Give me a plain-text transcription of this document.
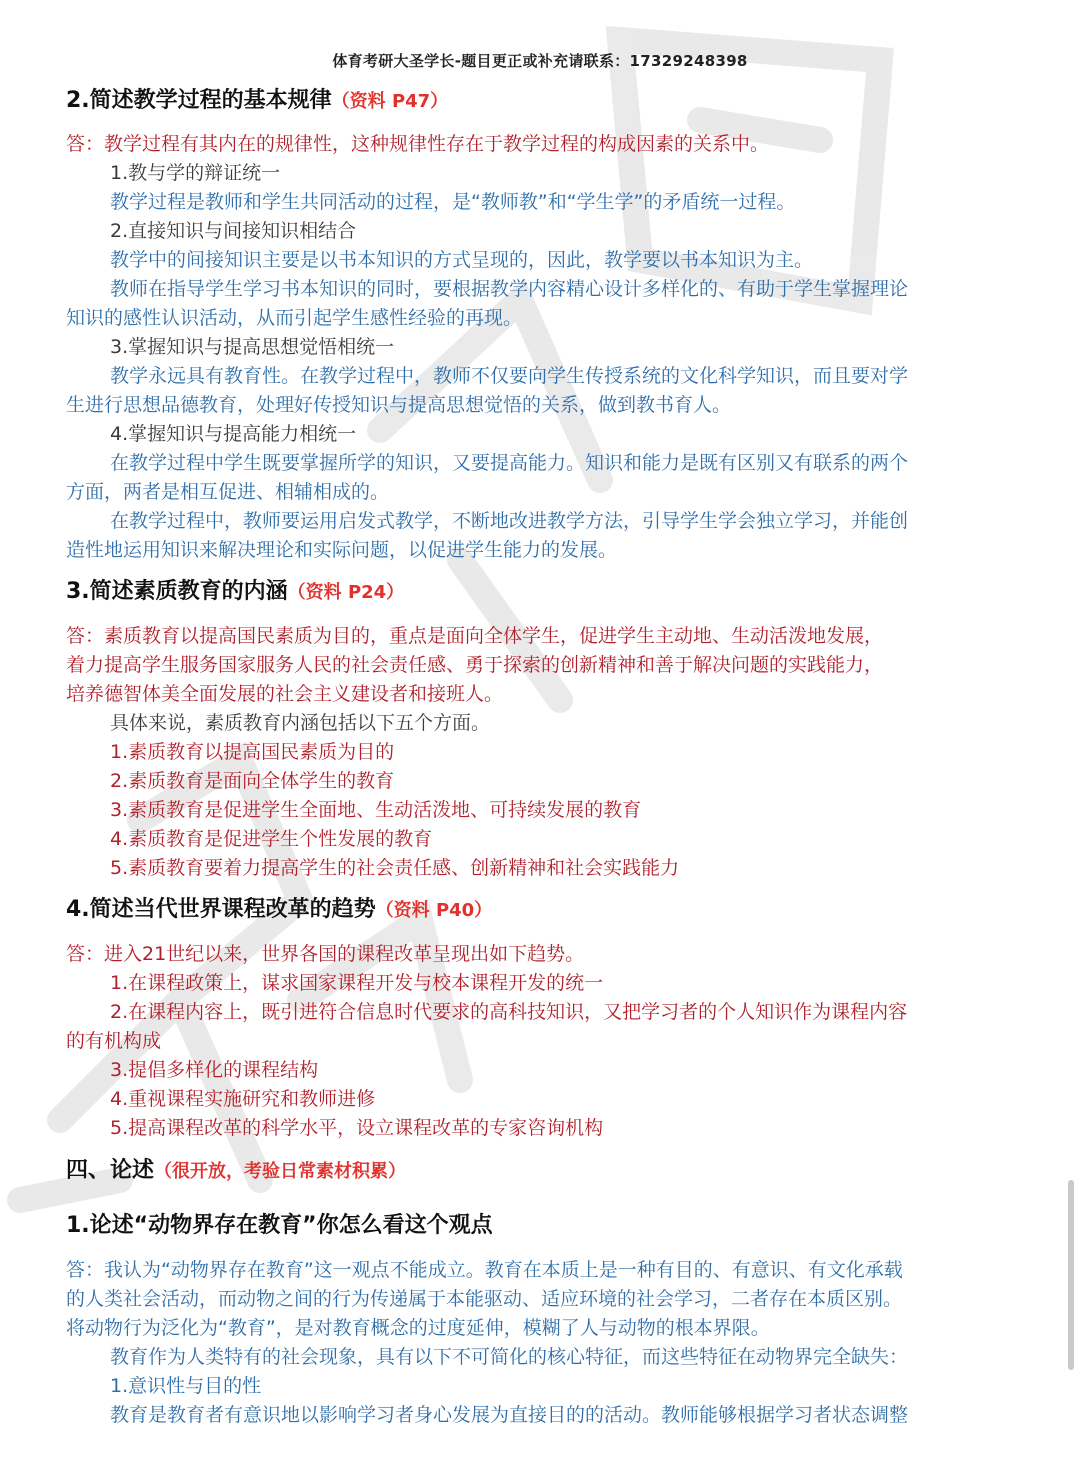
体育考研大圣学长-题目更正或补充请联系：17329248398
2.简述教学过程的基本规律（资料 P47）
答：教学过程有其内在的规律性，这种规律性存在于教学过程的构成因素的关系中。
1.教与学的辩证统一
教学过程是教师和学生共同活动的过程，是“教师教”和“学生学”的矛盾统一过程。
2.直接知识与间接知识相结合
教学中的间接知识主要是以书本知识的方式呈现的，因此，教学要以书本知识为主。
教师在指导学生学习书本知识的同时，要根据教学内容精心设计多样化的、有助于学生掌握理论
知识的感性认识活动，从而引起学生感性经验的再现。
3.掌握知识与提高思想觉悟相统一
教学永远具有教育性。在教学过程中，教师不仅要向学生传授系统的文化科学知识，而且要对学
生进行思想品德教育，处理好传授知识与提高思想觉悟的关系，做到教书育人。
4.掌握知识与提高能力相统一
在教学过程中学生既要掌握所学的知识，又要提高能力。知识和能力是既有区别又有联系的两个
方面，两者是相互促进、相辅相成的。
在教学过程中，教师要运用启发式教学，不断地改进教学方法，引导学生学会独立学习，并能创
造性地运用知识来解决理论和实际问题，以促进学生能力的发展。
3.简述素质教育的内涵（资料 P24）
答：素质教育以提高国民素质为目的，重点是面向全体学生，促进学生主动地、生动活泼地发展，
着力提高学生服务国家服务人民的社会责任感、勇于探索的创新精神和善于解决问题的实践能力，
培养德智体美全面发展的社会主义建设者和接班人。
具体来说，素质教育内涵包括以下五个方面。
1.素质教育以提高国民素质为目的
2.素质教育是面向全体学生的教育
3.素质教育是促进学生全面地、生动活泼地、可持续发展的教育
4.素质教育是促进学生个性发展的教育
5.素质教育要着力提高学生的社会责任感、创新精神和社会实践能力
4.简述当代世界课程改革的趋势（资料 P40）
答：进入21世纪以来，世界各国的课程改革呈现出如下趋势。
1.在课程政策上，谋求国家课程开发与校本课程开发的统一
2.在课程内容上，既引进符合信息时代要求的高科技知识，又把学习者的个人知识作为课程内容
的有机构成
3.提倡多样化的课程结构
4.重视课程实施研究和教师进修
5.提高课程改革的科学水平，设立课程改革的专家咨询机构
四、论述（很开放，考验日常素材积累）
1.论述“动物界存在教育”你怎么看这个观点
答：我认为“动物界存在教育”这一观点不能成立。教育在本质上是一种有目的、有意识、有文化承载
的人类社会活动，而动物之间的行为传递属于本能驱动、适应环境的社会学习，二者存在本质区别。
将动物行为泛化为“教育”，是对教育概念的过度延伸，模糊了人与动物的根本界限。
教育作为人类特有的社会现象，具有以下不可简化的核心特征，而这些特征在动物界完全缺失：
1.意识性与目的性
教育是教育者有意识地以影响学习者身心发展为直接目的的活动。教师能够根据学习者状态调整
